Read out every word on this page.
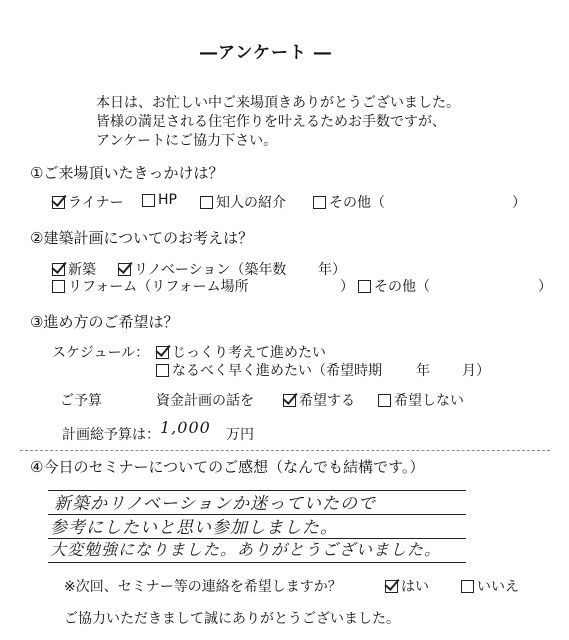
―アンケート ―
本日は、お忙しい中ご来場頂きありがとうございました。
皆様の満足される住宅作りを叶えるためお手数ですが、
アンケートにご協力下さい。
①ご来場頂いたきっかけは？
ライナー HP	知人の紹介	その他（	）
②建築計画についてのお考えは？
新築	リノベーション（築年数 年）
リフォーム（リフォーム場所	） その他（	）
③進め方のご希望は？
スケジュール： じっくり考えて進めたい
なるべく早く進めたい（希望時期 年 月）
ご予算	資金計画の話を	希望する	希望しない
計画総予算は： 1,000 万円
④今日のセミナーについてのご感想（なんでも結構です。）
新築かリノベーションか迷っていたので
参考にしたいと思い参加しました。
大変勉強になりました。ありがとうございました。
※次回、セミナー等の連絡を希望しますか？	はい	いいえ
ご協力いただきまして誠にありがとうございました。
